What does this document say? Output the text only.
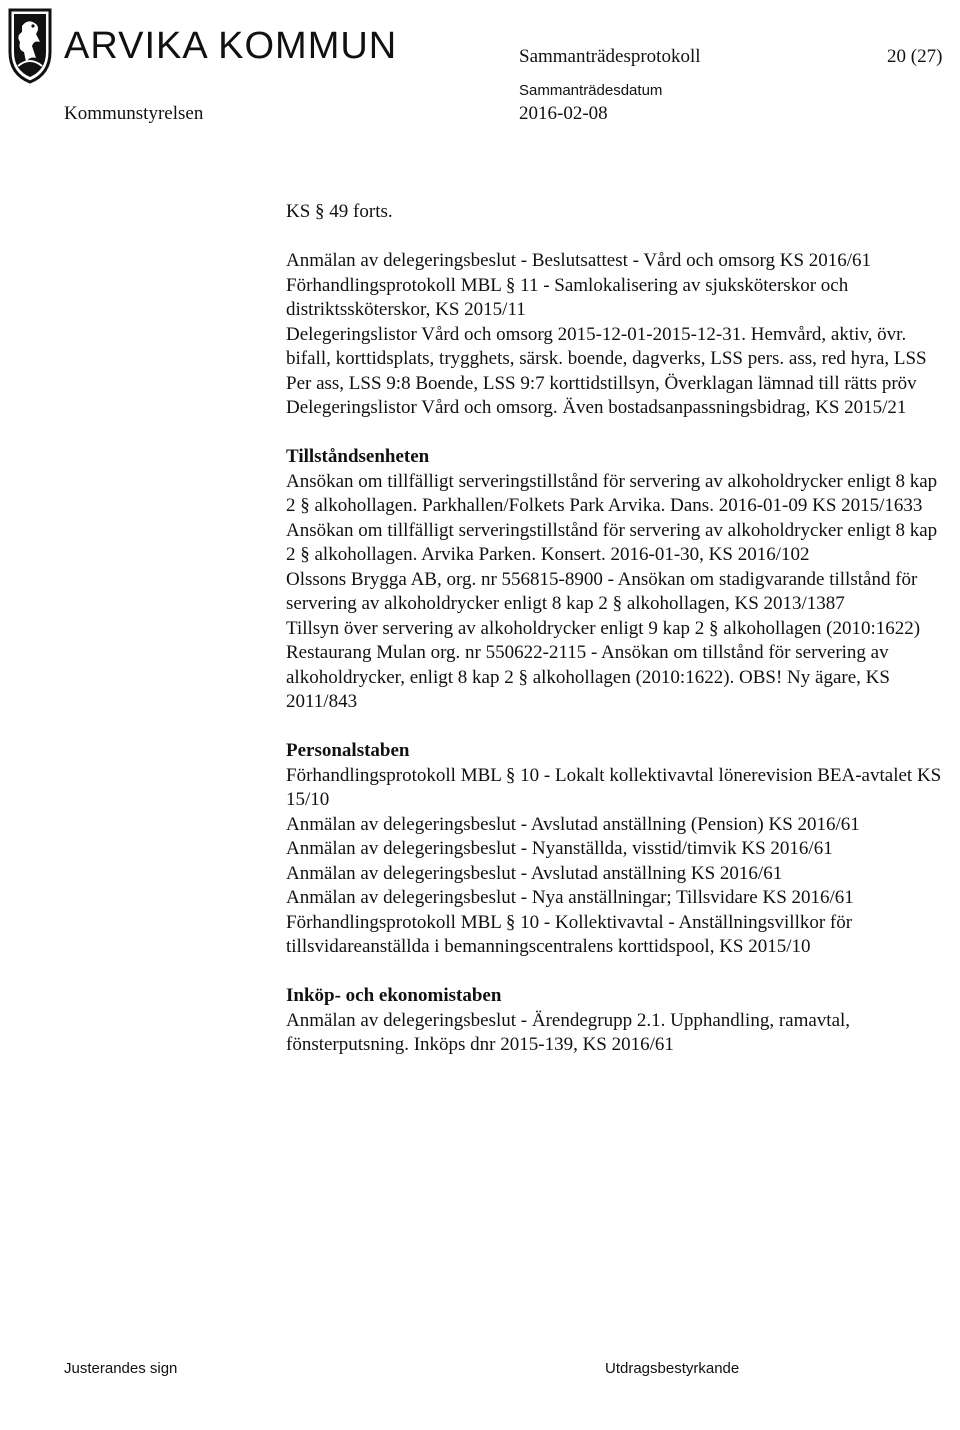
ARVIKA KOMMUN	Sammanträdesprotokoll	20 (27)
Kommunstyrelsen
Sammanträdesdatum
2016-02-08

KS § 49 forts.

Anmälan av delegeringsbeslut - Beslutsattest - Vård och omsorg KS 2016/61

Förhandlingsprotokoll MBL § 11 - Samlokalisering av sjuksköterskor och distriktssköterskor, KS 2015/11

Delegeringslistor Vård och omsorg 2015-12-01-2015-12-31. Hemvård, aktiv, övr. bifall, korttidsplats, trygghets, särsk. boende, dagverks, LSS pers. ass, red hyra, LSS Per ass, LSS 9:8 Boende, LSS 9:7 korttidstillsyn, Överklagan lämnad till rätts pröv

Delegeringslistor Vård och omsorg. Även bostadsanpassningsbidrag, KS 2015/21

Tillståndsenheten

Ansökan om tillfälligt serveringstillstånd för servering av alkoholdrycker enligt 8 kap 2 § alkohollagen. Parkhallen/Folkets Park Arvika. Dans. 2016-01-09 KS 2015/1633

Ansökan om tillfälligt serveringstillstånd för servering av alkoholdrycker enligt 8 kap 2 § alkohollagen. Arvika Parken. Konsert. 2016-01-30, KS 2016/102

Olssons Brygga AB, org. nr 556815-8900 - Ansökan om stadigvarande tillstånd för servering av alkoholdrycker enligt 8 kap 2 § alkohollagen, KS 2013/1387

Tillsyn över servering av alkoholdrycker enligt 9 kap 2 § alkohollagen (2010:1622)

Restaurang Mulan org. nr 550622-2115 - Ansökan om tillstånd för servering av alkoholdrycker, enligt 8 kap 2 § alkohollagen (2010:1622). OBS! Ny ägare, KS 2011/843

Personalstaben

Förhandlingsprotokoll MBL § 10 - Lokalt kollektivavtal lönerevision BEA-avtalet KS 15/10

Anmälan av delegeringsbeslut - Avslutad anställning (Pension) KS 2016/61

Anmälan av delegeringsbeslut - Nyanställda, visstid/timvik KS 2016/61

Anmälan av delegeringsbeslut - Avslutad anställning KS 2016/61

Anmälan av delegeringsbeslut - Nya anställningar; Tillsvidare KS 2016/61

Förhandlingsprotokoll MBL § 10 - Kollektivavtal - Anställningsvillkor för tillsvidareanställda i bemanningscentralens korttidspool, KS 2015/10

Inköp- och ekonomistaben

Anmälan av delegeringsbeslut - Ärendegrupp 2.1. Upphandling, ramavtal, fönsterputsning. Inköps dnr 2015-139, KS 2016/61

Justerandes sign	Utdragsbestyrkande
